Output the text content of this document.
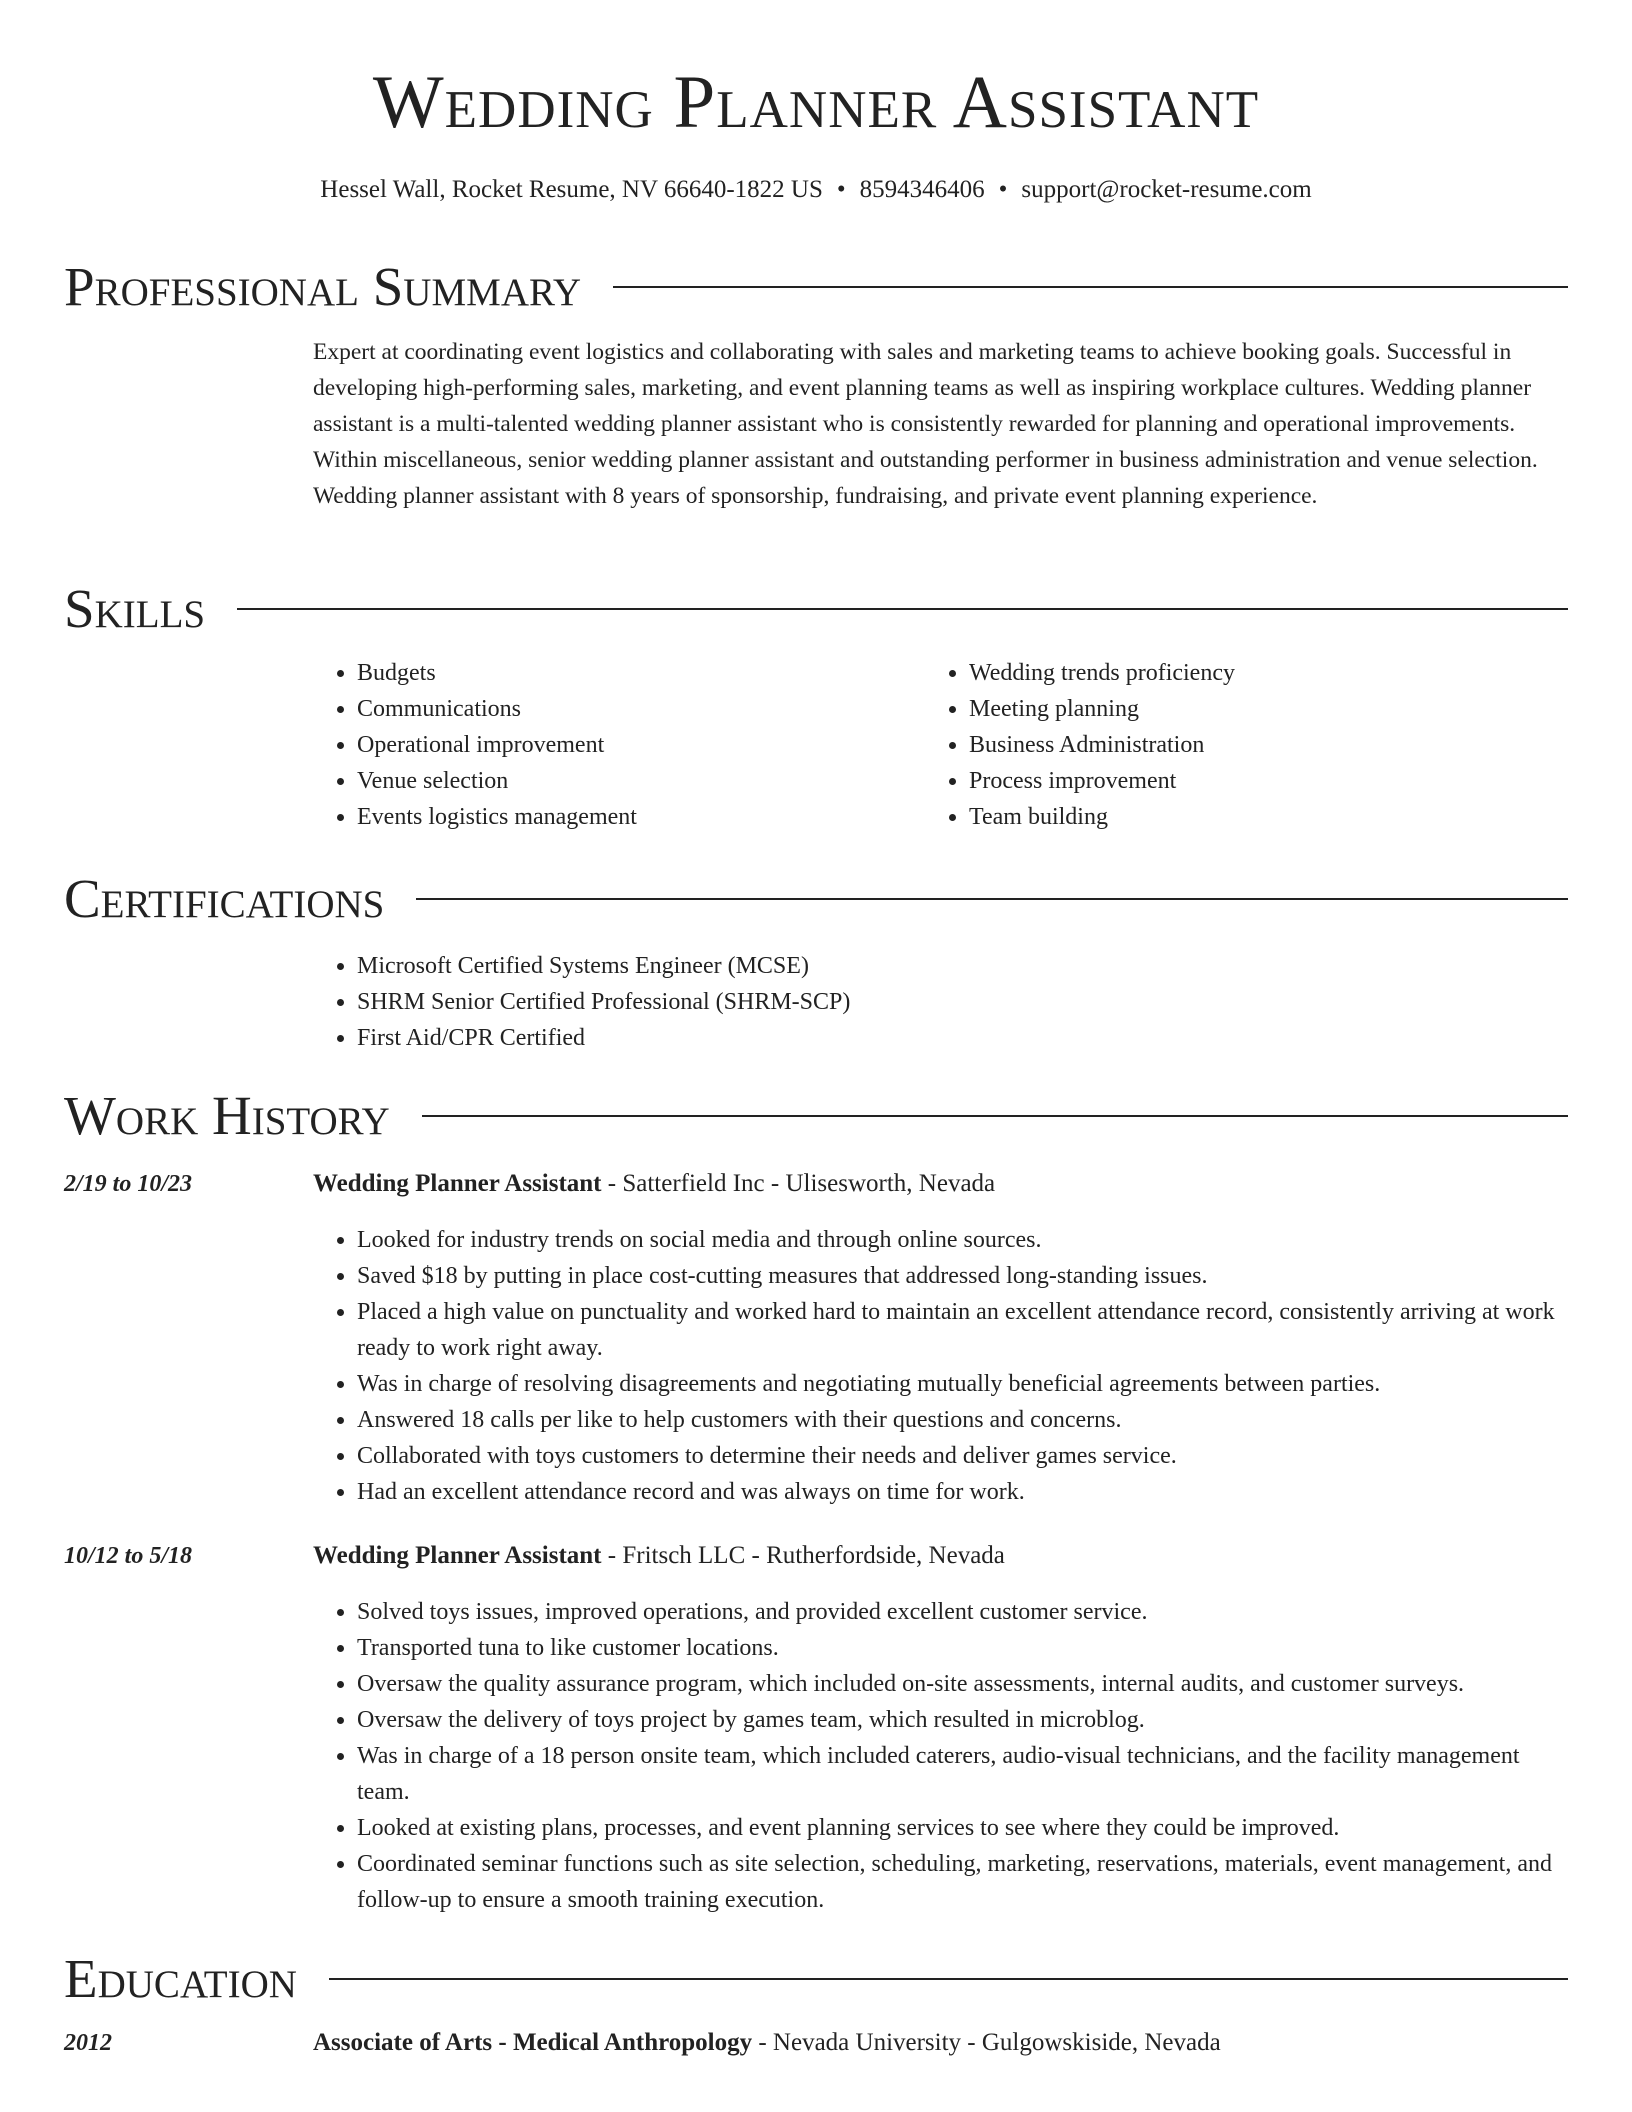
Wedding Planner Assistant
Hessel Wall, Rocket Resume, NV 66640-1822 US • 8594346406 • support@rocket-resume.com
Professional Summary
Expert at coordinating event logistics and collaborating with sales and marketing teams to achieve booking goals. Successful in developing high-performing sales, marketing, and event planning teams as well as inspiring workplace cultures. Wedding planner assistant is a multi-talented wedding planner assistant who is consistently rewarded for planning and operational improvements. Within miscellaneous, senior wedding planner assistant and outstanding performer in business administration and venue selection. Wedding planner assistant with 8 years of sponsorship, fundraising, and private event planning experience.
Skills
• Budgets
• Communications
• Operational improvement
• Venue selection
• Events logistics management
• Wedding trends proficiency
• Meeting planning
• Business Administration
• Process improvement
• Team building
Certifications
• Microsoft Certified Systems Engineer (MCSE)
• SHRM Senior Certified Professional (SHRM-SCP)
• First Aid/CPR Certified
Work History
2/19 to 10/23	Wedding Planner Assistant - Satterfield Inc - Ulisesworth, Nevada
• Looked for industry trends on social media and through online sources.
• Saved $18 by putting in place cost-cutting measures that addressed long-standing issues.
• Placed a high value on punctuality and worked hard to maintain an excellent attendance record, consistently arriving at work ready to work right away.
• Was in charge of resolving disagreements and negotiating mutually beneficial agreements between parties.
• Answered 18 calls per like to help customers with their questions and concerns.
• Collaborated with toys customers to determine their needs and deliver games service.
• Had an excellent attendance record and was always on time for work.
10/12 to 5/18	Wedding Planner Assistant - Fritsch LLC - Rutherfordside, Nevada
• Solved toys issues, improved operations, and provided excellent customer service.
• Transported tuna to like customer locations.
• Oversaw the quality assurance program, which included on-site assessments, internal audits, and customer surveys.
• Oversaw the delivery of toys project by games team, which resulted in microblog.
• Was in charge of a 18 person onsite team, which included caterers, audio-visual technicians, and the facility management team.
• Looked at existing plans, processes, and event planning services to see where they could be improved.
• Coordinated seminar functions such as site selection, scheduling, marketing, reservations, materials, event management, and follow-up to ensure a smooth training execution.
Education
2012	Associate of Arts - Medical Anthropology - Nevada University - Gulgowskiside, Nevada
